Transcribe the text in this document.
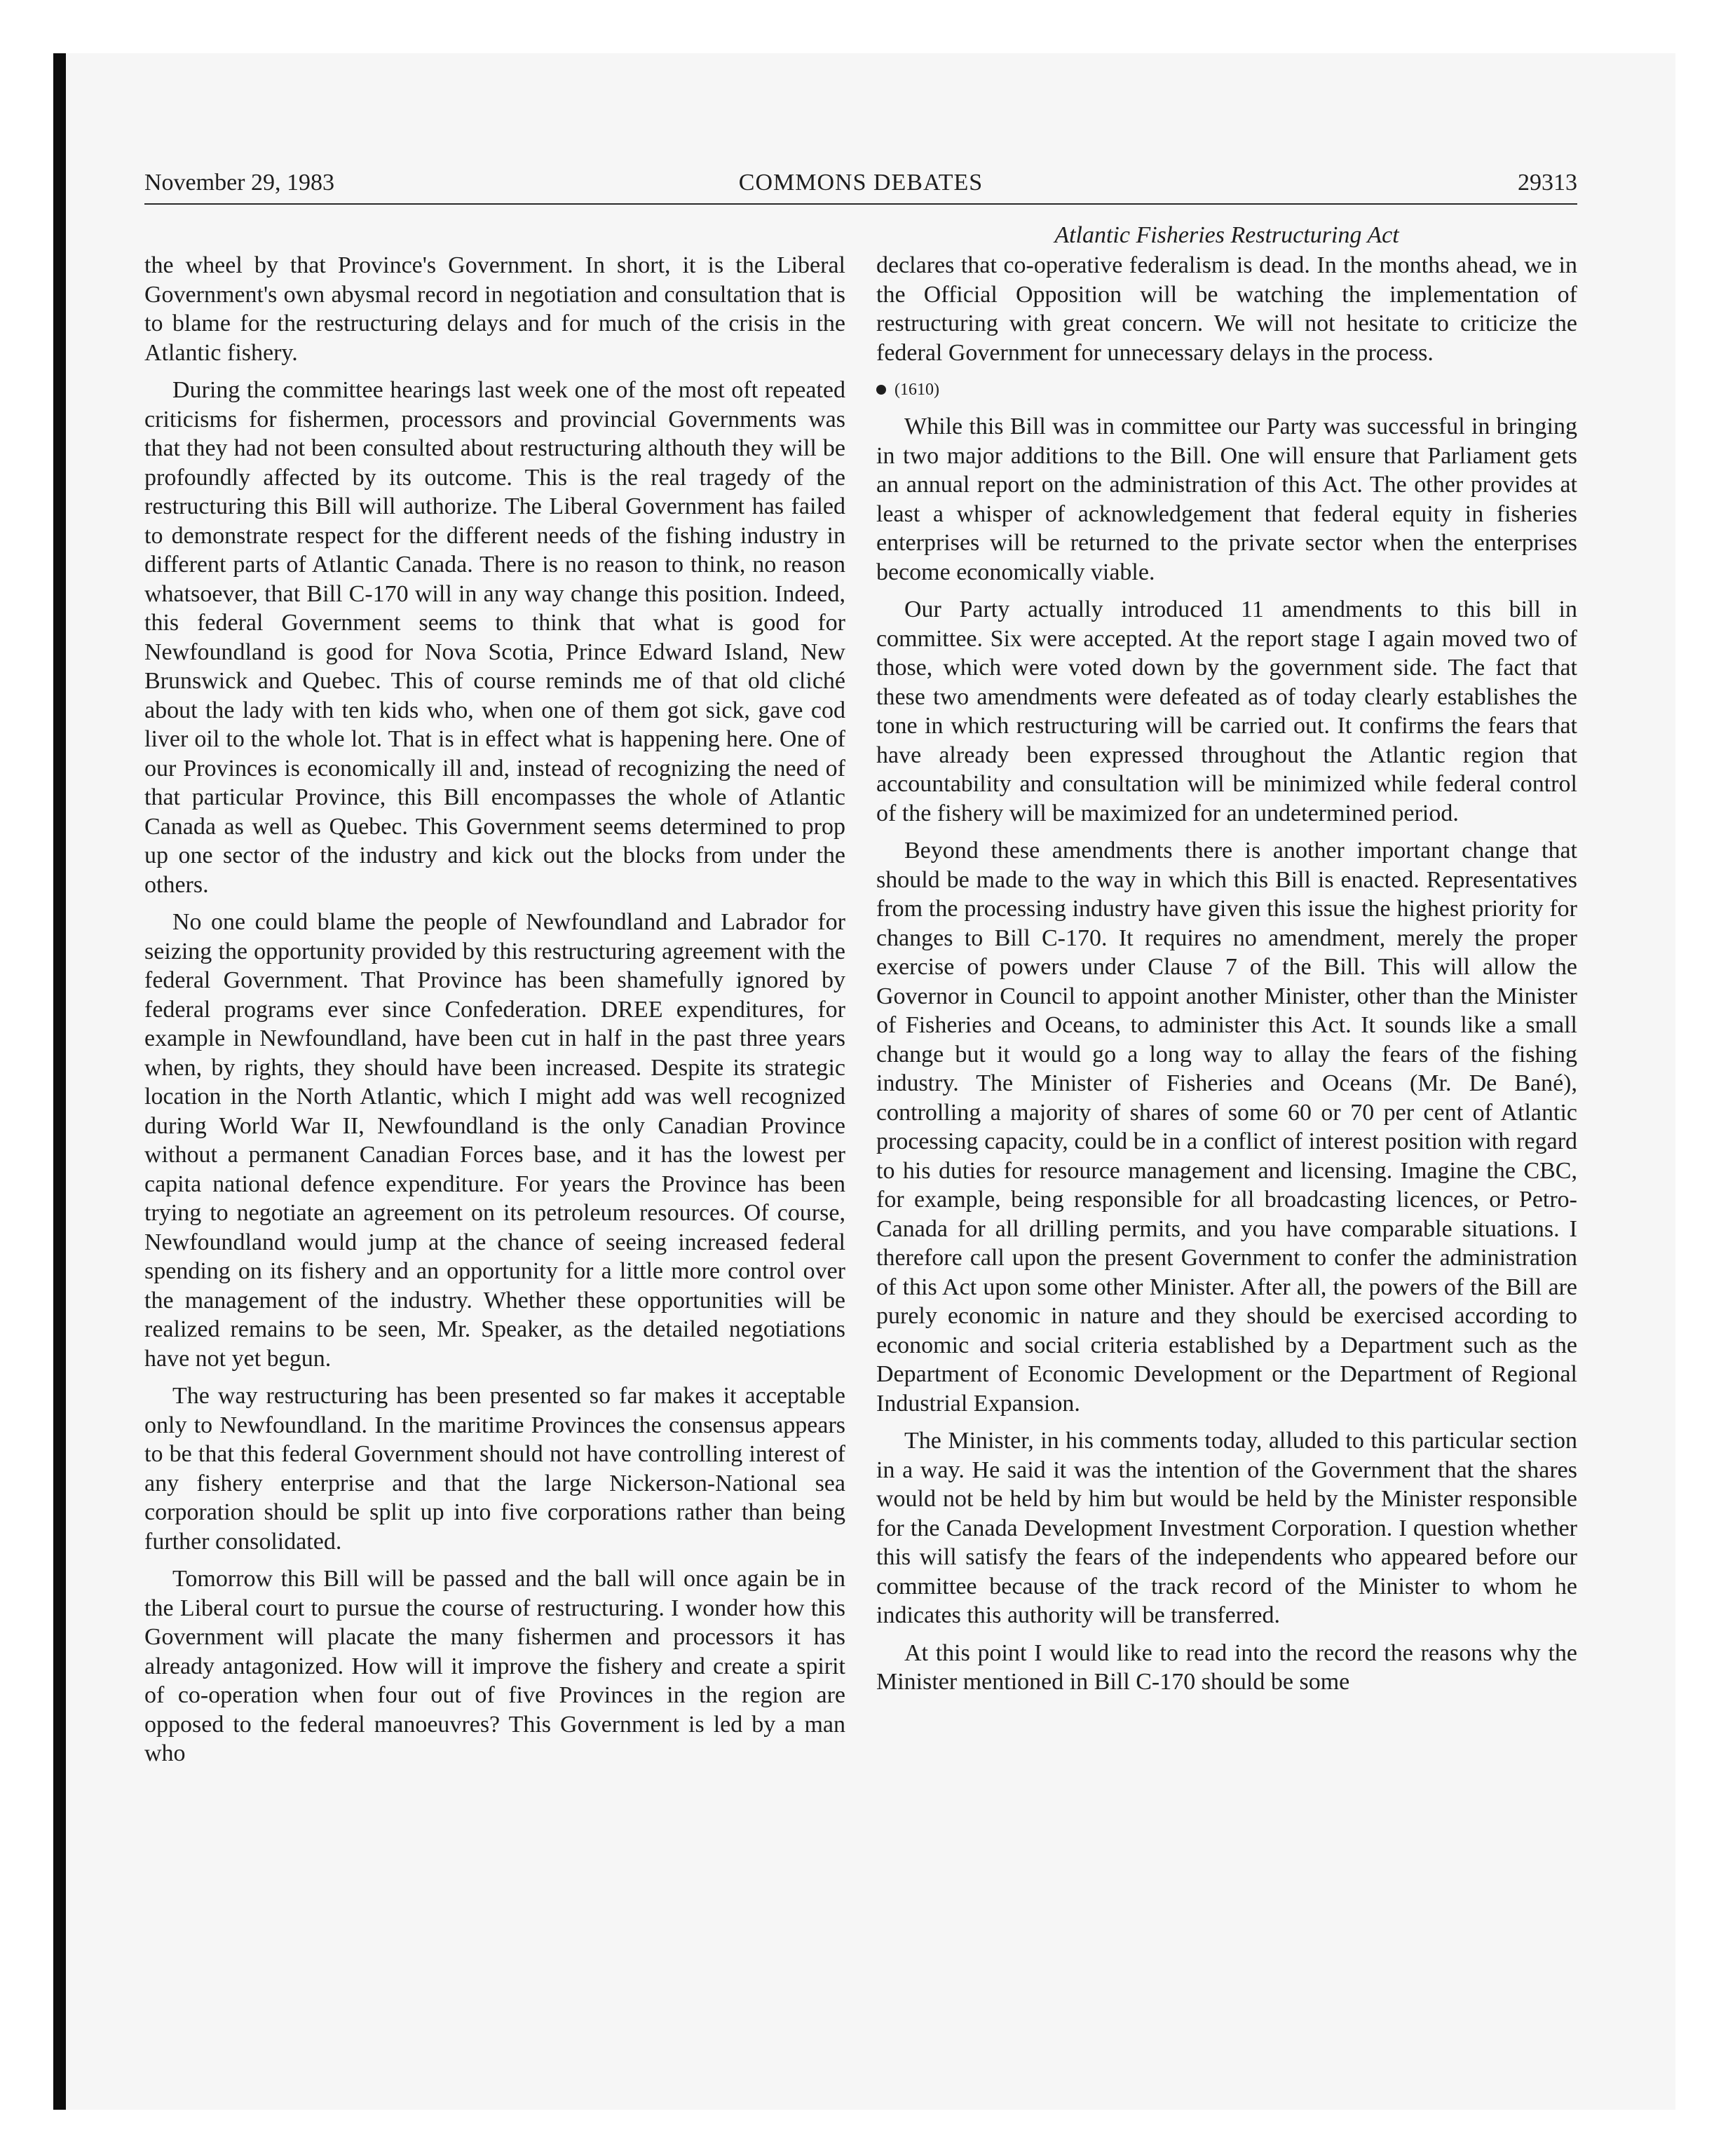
November 29, 1983	COMMONS DEBATES	29313
Atlantic Fisheries Restructuring Act

the wheel by that Province's Government. In short, it is the Liberal Government's own abysmal record in negotiation and consultation that is to blame for the restructuring delays and for much of the crisis in the Atlantic fishery.

During the committee hearings last week one of the most oft repeated criticisms for fishermen, processors and provincial Governments was that they had not been consulted about restructuring althouth they will be profoundly affected by its outcome. This is the real tragedy of the restructuring this Bill will authorize. The Liberal Government has failed to demonstrate respect for the different needs of the fishing industry in different parts of Atlantic Canada. There is no reason to think, no reason whatsoever, that Bill C-170 will in any way change this position. Indeed, this federal Government seems to think that what is good for Newfoundland is good for Nova Scotia, Prince Edward Island, New Brunswick and Quebec. This of course reminds me of that old cliché about the lady with ten kids who, when one of them got sick, gave cod liver oil to the whole lot. That is in effect what is happening here. One of our Provinces is economically ill and, instead of recognizing the need of that particular Province, this Bill encompasses the whole of Atlantic Canada as well as Quebec. This Government seems determined to prop up one sector of the industry and kick out the blocks from under the others.

No one could blame the people of Newfoundland and Labrador for seizing the opportunity provided by this restructuring agreement with the federal Government. That Province has been shamefully ignored by federal programs ever since Confederation. DREE expenditures, for example in Newfoundland, have been cut in half in the past three years when, by rights, they should have been increased. Despite its strategic location in the North Atlantic, which I might add was well recognized during World War II, Newfoundland is the only Canadian Province without a permanent Canadian Forces base, and it has the lowest per capita national defence expenditure. For years the Province has been trying to negotiate an agreement on its petroleum resources. Of course, Newfoundland would jump at the chance of seeing increased federal spending on its fishery and an opportunity for a little more control over the management of the industry. Whether these opportunities will be realized remains to be seen, Mr. Speaker, as the detailed negotiations have not yet begun.

The way restructuring has been presented so far makes it acceptable only to Newfoundland. In the maritime Provinces the consensus appears to be that this federal Government should not have controlling interest of any fishery enterprise and that the large Nickerson-National sea corporation should be split up into five corporations rather than being further consolidated.

Tomorrow this Bill will be passed and the ball will once again be in the Liberal court to pursue the course of restructuring. I wonder how this Government will placate the many fishermen and processors it has already antagonized. How will it improve the fishery and create a spirit of co-operation when four out of five Provinces in the region are opposed to the federal manoeuvres? This Government is led by a man who

declares that co-operative federalism is dead. In the months ahead, we in the Official Opposition will be watching the implementation of restructuring with great concern. We will not hesitate to criticize the federal Government for unnecessary delays in the process.

(1610)

While this Bill was in committee our Party was successful in bringing in two major additions to the Bill. One will ensure that Parliament gets an annual report on the administration of this Act. The other provides at least a whisper of acknowledgement that federal equity in fisheries enterprises will be returned to the private sector when the enterprises become economically viable.

Our Party actually introduced 11 amendments to this bill in committee. Six were accepted. At the report stage I again moved two of those, which were voted down by the government side. The fact that these two amendments were defeated as of today clearly establishes the tone in which restructuring will be carried out. It confirms the fears that have already been expressed throughout the Atlantic region that accountability and consultation will be minimized while federal control of the fishery will be maximized for an undetermined period.

Beyond these amendments there is another important change that should be made to the way in which this Bill is enacted. Representatives from the processing industry have given this issue the highest priority for changes to Bill C-170. It requires no amendment, merely the proper exercise of powers under Clause 7 of the Bill. This will allow the Governor in Council to appoint another Minister, other than the Minister of Fisheries and Oceans, to administer this Act. It sounds like a small change but it would go a long way to allay the fears of the fishing industry. The Minister of Fisheries and Oceans (Mr. De Bané), controlling a majority of shares of some 60 or 70 per cent of Atlantic processing capacity, could be in a conflict of interest position with regard to his duties for resource management and licensing. Imagine the CBC, for example, being responsible for all broadcasting licences, or Petro-Canada for all drilling permits, and you have comparable situations. I therefore call upon the present Government to confer the administration of this Act upon some other Minister. After all, the powers of the Bill are purely economic in nature and they should be exercised according to economic and social criteria established by a Department such as the Department of Economic Development or the Department of Regional Industrial Expansion.

The Minister, in his comments today, alluded to this particular section in a way. He said it was the intention of the Government that the shares would not be held by him but would be held by the Minister responsible for the Canada Development Investment Corporation. I question whether this will satisfy the fears of the independents who appeared before our committee because of the track record of the Minister to whom he indicates this authority will be transferred.

At this point I would like to read into the record the reasons why the Minister mentioned in Bill C-170 should be some
